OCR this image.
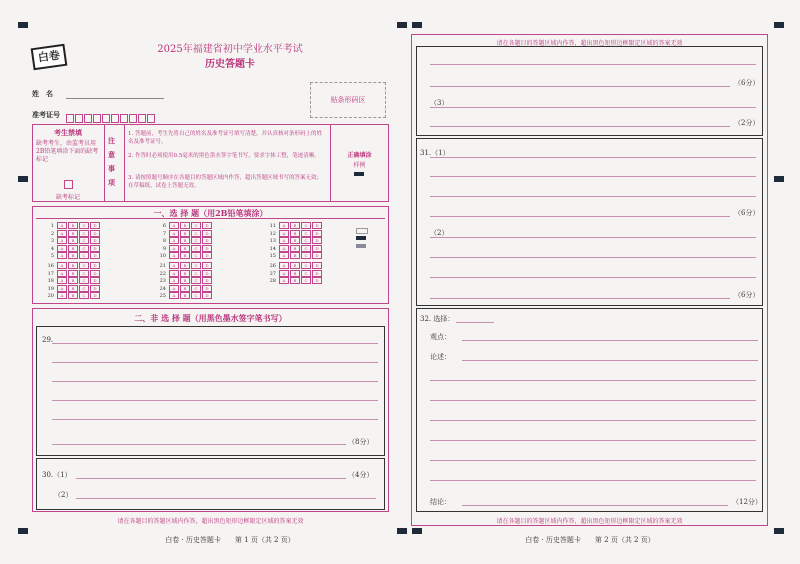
白卷	2025年福建省初中学业水平考试
历史答题卡
姓　名
准考证号
贴条形码区
考生禁填
缺考考生，由监考员用2B铅笔填涂下面的缺考标记
缺考标记
注　意　事　项
1. 答题前，考生先将自己的姓名及准考证号填写清楚，并认真核对条形码上的姓名及准考证号。
2. 作答时必须使用0.5毫米的黑色墨水签字笔书写，要求字体工整，笔迹清晰。
3. 请按照题号顺序在各题目的答题区域内作答，超出答题区域书写的答案无效；在草稿纸、试卷上答题无效。
正确填涂
样例
一、选 择 题（用2B铅笔填涂）
1 A B C D
2 A B C D
3 A B C D
4 A B C D
5 A B C D
6 A B C D
7 A B C D
8 A B C D
9 A B C D
10 A B C D
11 A B C D
12 A B C D
13 A B C D
14 A B C D
15 A B C D
16 A B C D
17 A B C D
18 A B C D
19 A B C D
20 A B C D
21 A B C D
22 A B C D
23 A B C D
24 A B C D
25 A B C D
26 A B C D
27 A B C D
28 A B C D
二、非 选 择 题（用黑色墨水签字笔书写）
29.
（8分）
30.（1）	（4分）
（2）
请在各题目的答题区域内作答，超出黑色矩形边框限定区域的答案无效
白卷 · 历史答题卡　　第 1 页（共 2 页）
请在各题目的答题区域内作答，超出黑色矩形边框限定区域的答案无效
（6分）
（3）
（2分）
31.（1）
（6分）
（2）
（6分）
32. 选择：
观点：
论述：
结论：	（12分）
请在各题目的答题区域内作答，超出黑色矩形边框限定区域的答案无效
白卷 · 历史答题卡　　第 2 页（共 2 页）
